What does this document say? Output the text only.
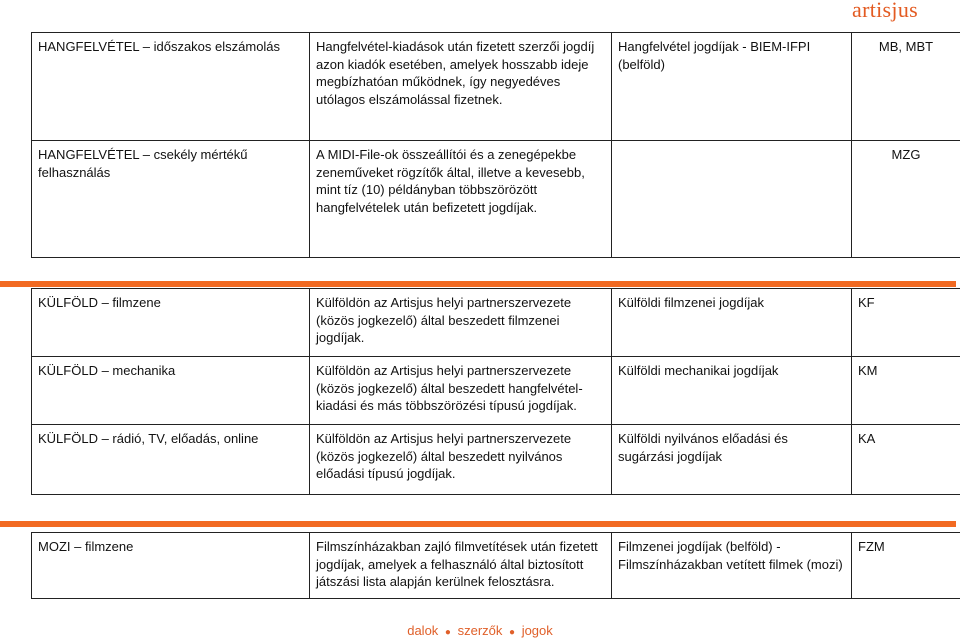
artisjus
HANGFELVÉTEL – időszakos elszámolás	Hangfelvétel-kiadások után fizetett szerzői jogdíj azon kiadók esetében, amelyek hosszabb ideje megbízhatóan működnek, így negyedéves utólagos elszámolással fizetnek.	Hangfelvétel jogdíjak - BIEM-IFPI (belföld)	MB, MBT
HANGFELVÉTEL – csekély mértékű felhasználás	A MIDI-File-ok összeállítói és a zenegépekbe zeneműveket rögzítők által, illetve a kevesebb, mint tíz (10) példányban többszörözött hangfelvételek után befizetett jogdíjak.		MZG
KÜLFÖLD – filmzene	Külföldön az Artisjus helyi partnerszervezete (közös jogkezelő) által beszedett filmzenei jogdíjak.	Külföldi filmzenei jogdíjak	KF
KÜLFÖLD – mechanika	Külföldön az Artisjus helyi partnerszervezete (közös jogkezelő) által beszedett hangfelvétel-kiadási és más többszörözési típusú jogdíjak.	Külföldi mechanikai jogdíjak	KM
KÜLFÖLD – rádió, TV, előadás, online	Külföldön az Artisjus helyi partnerszervezete (közös jogkezelő) által beszedett nyilvános előadási típusú jogdíjak.	Külföldi nyilvános előadási és sugárzási jogdíjak	KA
MOZI – filmzene	Filmszínházakban zajló filmvetítések után fizetett jogdíjak, amelyek a felhasználó által biztosított játszási lista alapján kerülnek felosztásra.	Filmzenei jogdíjak (belföld) - Filmszínházakban vetített filmek (mozi)	FZM
dalok ● szerzők ● jogok
